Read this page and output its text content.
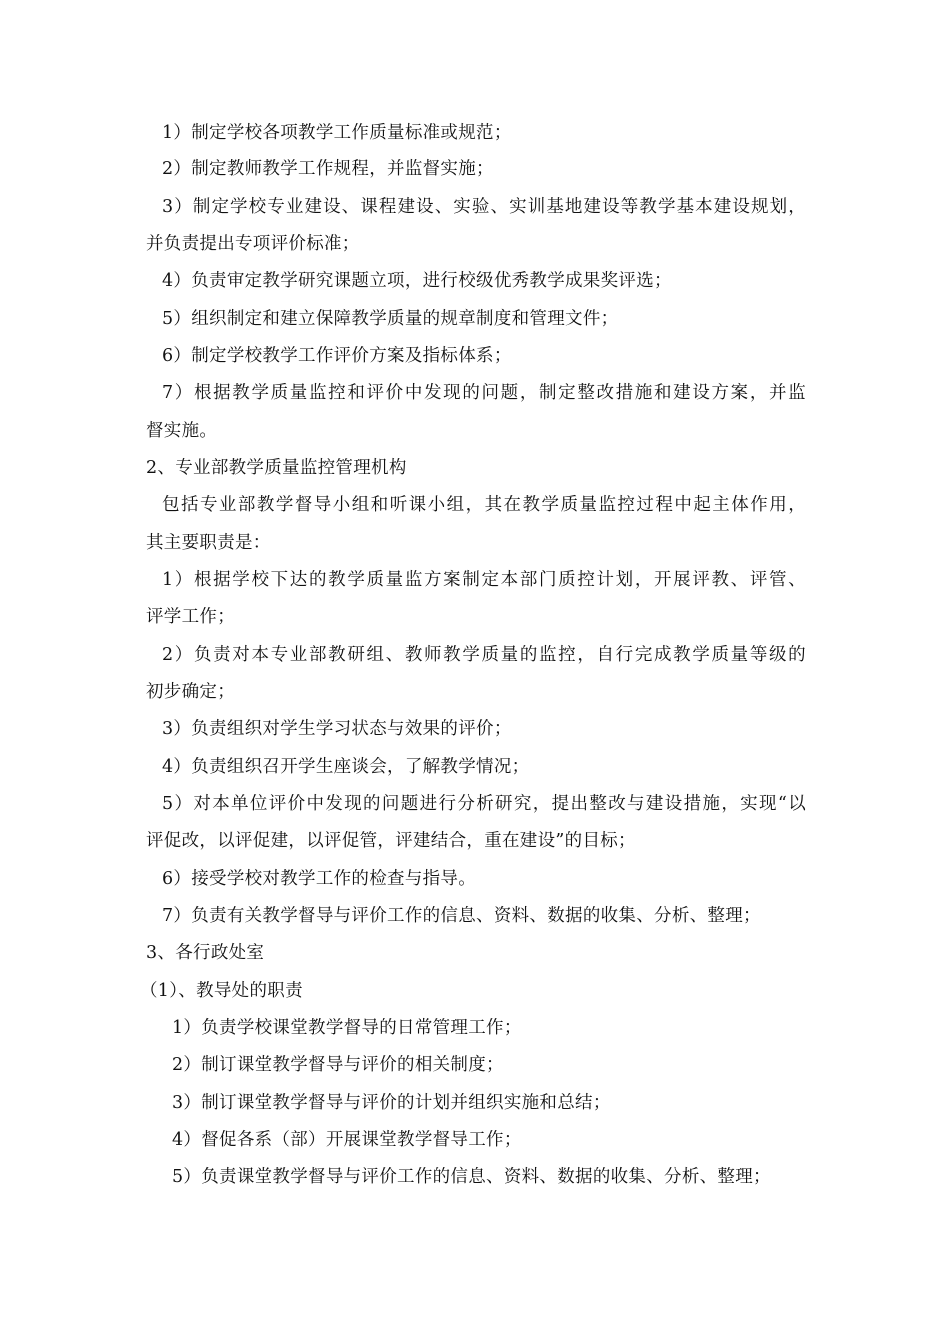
1）制定学校各项教学工作质量标准或规范；
2）制定教师教学工作规程，并监督实施；
3）制定学校专业建设、课程建设、实验、实训基地建设等教学基本建设规划，
并负责提出专项评价标准；
4）负责审定教学研究课题立项，进行校级优秀教学成果奖评选；
5）组织制定和建立保障教学质量的规章制度和管理文件；
6）制定学校教学工作评价方案及指标体系；
7）根据教学质量监控和评价中发现的问题，制定整改措施和建设方案，并监
督实施。
2、专业部教学质量监控管理机构
包括专业部教学督导小组和听课小组，其在教学质量监控过程中起主体作用，
其主要职责是：
1）根据学校下达的教学质量监方案制定本部门质控计划，开展评教、评管、
评学工作；
2）负责对本专业部教研组、教师教学质量的监控，自行完成教学质量等级的
初步确定；
3）负责组织对学生学习状态与效果的评价；
4）负责组织召开学生座谈会，了解教学情况；
5）对本单位评价中发现的问题进行分析研究，提出整改与建设措施，实现“以
评促改，以评促建，以评促管，评建结合，重在建设”的目标；
6）接受学校对教学工作的检查与指导。
7）负责有关教学督导与评价工作的信息、资料、数据的收集、分析、整理；
3、各行政处室
（1）、教导处的职责
1）负责学校课堂教学督导的日常管理工作；
2）制订课堂教学督导与评价的相关制度；
3）制订课堂教学督导与评价的计划并组织实施和总结；
4）督促各系（部）开展课堂教学督导工作；
5）负责课堂教学督导与评价工作的信息、资料、数据的收集、分析、整理；
